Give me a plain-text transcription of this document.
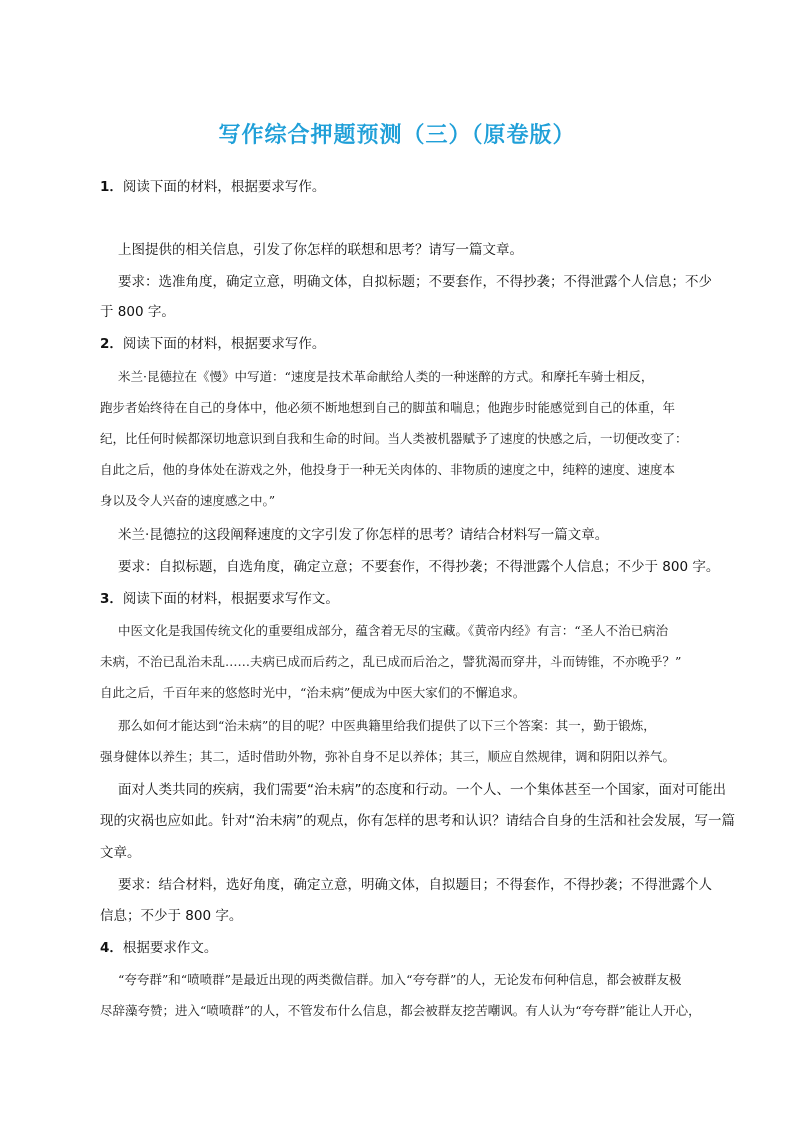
写作综合押题预测（三）（原卷版）
1．阅读下面的材料，根据要求写作。
上图提供的相关信息，引发了你怎样的联想和思考？请写一篇文章。
要求：选准角度，确定立意，明确文体，自拟标题；不要套作，不得抄袭；不得泄露个人信息；不少
于 800 字。
2．阅读下面的材料，根据要求写作。
米兰·昆德拉在《慢》中写道：“速度是技术革命献给人类的一种迷醉的方式。和摩托车骑士相反，
跑步者始终待在自己的身体中，他必须不断地想到自己的脚茧和喘息；他跑步时能感觉到自己的体重，年
纪，比任何时候都深切地意识到自我和生命的时间。当人类被机器赋予了速度的快感之后，一切便改变了：
自此之后，他的身体处在游戏之外，他投身于一种无关肉体的、非物质的速度之中，纯粹的速度、速度本
身以及令人兴奋的速度感之中。”
米兰·昆德拉的这段阐释速度的文字引发了你怎样的思考？请结合材料写一篇文章。
要求：自拟标题，自选角度，确定立意；不要套作，不得抄袭；不得泄露个人信息；不少于 800 字。
3．阅读下面的材料，根据要求写作文。
中医文化是我国传统文化的重要组成部分，蕴含着无尽的宝藏。《黄帝内经》有言：“圣人不治已病治
未病，不治已乱治未乱……夫病已成而后药之，乱已成而后治之，譬犹渴而穿井，斗而铸锥，不亦晚乎？”
自此之后，千百年来的悠悠时光中，“治未病”便成为中医大家们的不懈追求。
那么如何才能达到“治未病”的目的呢？中医典籍里给我们提供了以下三个答案：其一，勤于锻炼，
强身健体以养生；其二，适时借助外物，弥补自身不足以养体；其三，顺应自然规律，调和阴阳以养气。
面对人类共同的疾病，我们需要“治未病”的态度和行动。一个人、一个集体甚至一个国家，面对可能出
现的灾祸也应如此。针对“治未病”的观点，你有怎样的思考和认识？请结合自身的生活和社会发展，写一篇
文章。
要求：结合材料，选好角度，确定立意，明确文体，自拟题目；不得套作，不得抄袭；不得泄露个人
信息；不少于 800 字。
4．根据要求作文。
“夸夸群”和“喷喷群”是最近出现的两类微信群。加入“夸夸群”的人，无论发布何种信息，都会被群友极
尽辞藻夸赞；进入“喷喷群”的人，不管发布什么信息，都会被群友挖苦嘲讽。有人认为“夸夸群”能让人开心，
